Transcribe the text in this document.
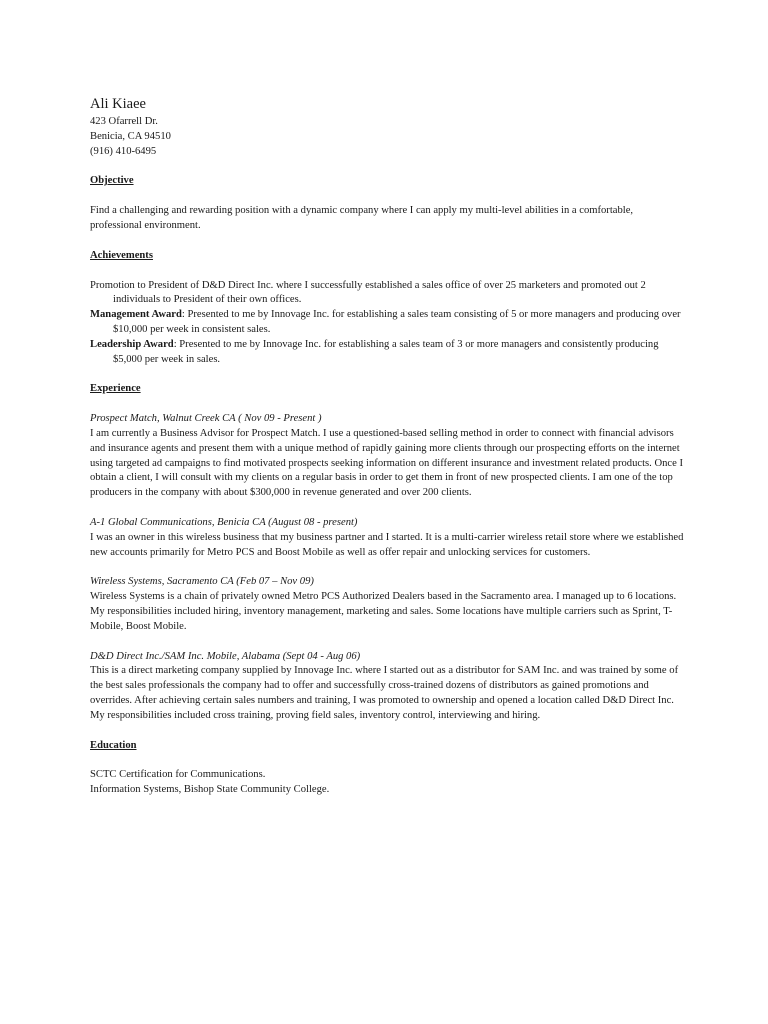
Ali Kiaee
423 Ofarrell Dr.
Benicia, CA 94510
(916) 410-6495
Objective
Find a challenging and rewarding position with a dynamic company where I can apply my multi-level abilities in a comfortable, professional environment.
Achievements
Promotion to President of D&D Direct Inc. where I successfully established a sales office of over 25 marketers and promoted out 2 individuals to President of their own offices.
Management Award: Presented to me by Innovage Inc. for establishing a sales team consisting of 5 or more managers and producing over $10,000 per week in consistent sales.
Leadership Award: Presented to me by Innovage Inc. for establishing a sales team of 3 or more managers and consistently producing $5,000 per week in sales.
Experience
Prospect Match, Walnut Creek CA ( Nov 09 - Present )
I am currently a Business Advisor for Prospect Match. I use a questioned-based selling method in order to connect with financial advisors and insurance agents and present them with a unique method of rapidly gaining more clients through our prospecting efforts on the internet using targeted ad campaigns to find motivated prospects seeking information on different insurance and investment related products. Once I obtain a client, I will consult with my clients on a regular basis in order to get them in front of new prospected clients. I am one of the top producers in the company with about $300,000 in revenue generated and over 200 clients.
A-1 Global Communications, Benicia CA (August 08 - present)
I was an owner in this wireless business that my business partner and I started. It is a multi-carrier wireless retail store where we established new accounts primarily for Metro PCS and Boost Mobile as well as offer repair and unlocking services for customers.
Wireless Systems, Sacramento CA (Feb 07 – Nov 09)
Wireless Systems is a chain of privately owned Metro PCS Authorized Dealers based in the Sacramento area. I managed up to 6 locations. My responsibilities included hiring, inventory management, marketing and sales. Some locations have multiple carriers such as Sprint, T-Mobile, Boost Mobile.
D&D Direct Inc./SAM Inc. Mobile, Alabama (Sept 04 - Aug 06)
This is a direct marketing company supplied by Innovage Inc. where I started out as a distributor for SAM Inc. and was trained by some of the best sales professionals the company had to offer and successfully cross-trained dozens of distributors as gained promotions and overrides. After achieving certain sales numbers and training, I was promoted to ownership and opened a location called D&D Direct Inc. My responsibilities included cross training, proving field sales, inventory control, interviewing and hiring.
Education
SCTC Certification for Communications.
Information Systems, Bishop State Community College.
